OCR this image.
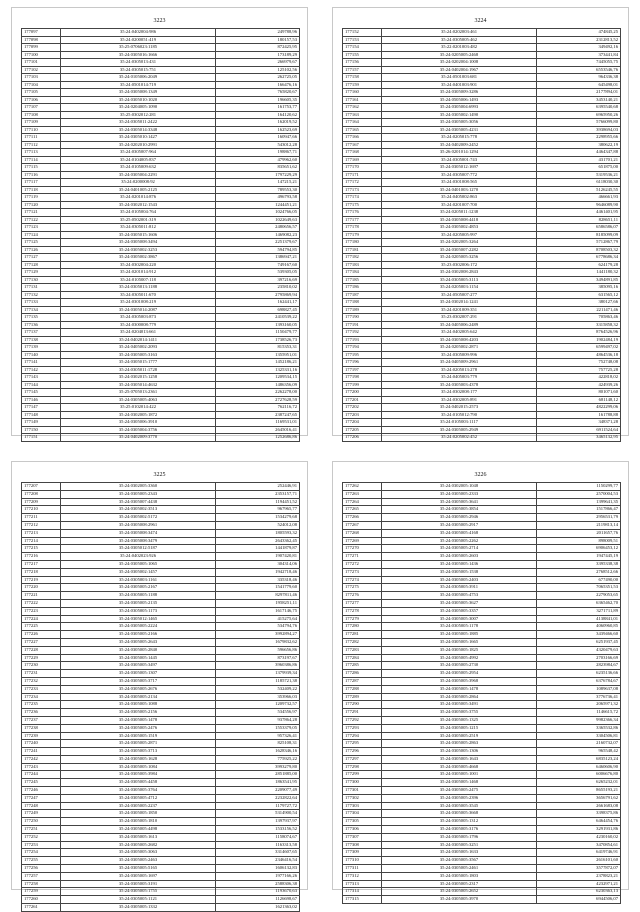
3223
177097	35:24:0402004:986	249788,96
177098	35:24:0200051:419	180157,53
177099	35:25:0706023:1185	872425,95
177100	35:24:0305016:1666	173189,29
177101	35:24:0305013:431	266979,67
177102	35:24:0305015:751	125102,56
177103	35:24:0105006:2049	262725,05
177104	35:24:0501014:719	166476,16
177105	35:24:0305008:1349	765820,67
177106	35:24:0305010:1020	196605,35
177107	35:24:0204005:1090	161753,77
177108	35:25:0302012:281	164120,62
177109	35:24:0305011:2422	162019,52
177110	35:24:0305014:3348	162523,69
177111	35:24:0305010:1427	160947,66
177112	35:24:0202010:2991	543012,28
177113	35:24:0305007:964	198867,71
177114	35:24:0104005:837	479962,60
177115	35:24:0105009:632	835651,62
177116	35:24:0305004:2291	1797229,29
177117	35:24:0200008:92	147215,21
177118	35:24:0401005:2125	789553,30
177119	35:24:0201014:876	496793,58
177120	35:24:0302012:1543	1244451,21
177121	35:24:0105004:764	1024766,05
177122	35:25:0502001:319	1022649,63
177123	35:24:0305011:812	2480656,57
177124	35:24:0305015:1606	1469082,23
177125	35:24:0305008:3494	2251379,67
177126	35:24:0305002:3253	594794,85
177127	35:24:0305002:3867	1386947,21
177128	35:24:0302004:220	749167,60
177129	35:24:0201014:912	539305,05
177130	35:24:0105007:118	397216,69
177131	35:24:0305013:1188	235810,02
177132	35:24:0305011:670	2795869,94
177133	35:24:0301008:219	162441,17
177134	35:24:0305014:2087	698827,45
177135	35:24:0305003:873	2410539,22
177136	35:24:0300008:779	1393160,05
177137	35:24:0204013:661	1150479,77
177138	35:24:0402014:1411	1738526,73
177139	35:24:0405002:2093	815353,31
177140	35:24:0305005:3163	1355951,01
177141	35:24:0305015:1777	1452186,21
177142	35:24:0305011:1728	1325331,16
177143	35:24:0302015:1258	1209534,15
177144	35:24:0305014:4632	1486356,09
177145	35:25:0705013:2361	2262278,00
177146	35:24:0305005:4063	2727628,59
177147	35:25:0102014:422	762116,72
177148	35:24:0302005:1872	2387247,65
177149	35:24:0305006:3910	1169531,01
177150	35:24:0305004:3756	2645016,41
177151	35:24:0402009:3770	1252686,86
3224
177152	35:24:0202003:461	474845,25
177153	35:24:0305005:462	2312813,52
177154	35:22:0201003:482	349492,16
177155	35:24:0205005:2468	373441,84
177156	35:24:0202004:1008	7445055,75
177157	35:24:0402004:1967	6553546,76
177158	35:24:0501003:681	964336,38
177159	35:24:0401003:901	645498,01
177160	35:24:0305009:3286	2177894,01
177161	35:24:0505006:1493	3453140,21
177162	35:24:0305004:6993	6395540,68
177163	35:24:0305002:1490	6965950,26
177164	35:24:0305005:3056	5766099,80
177165	35:24:0305005:4231	3938694,03
177166	35:24:0205015:778	2298955,66
177167	35:24:0402009:2452	380622,19
177168	35:26:0201014:1294	4464347,88
177169	35:24:0305001:743	431701,21
177170	35:24:0305012:1697	651875,00
177171	35:24:0305007:772	5319536,21
177172	35:24:0301008:565	6118030,30
177173	35:24:0401003:1270	5126245,55
177174	35:24:0405002:863	466661,93
177175	35:24:0201007:700	9646089,90
177176	35:24:0205011:1238	4461401,95
177177	35:24:0305008:4418	828651,11
177178	35:24:0305002:4853	6586586,07
177179	35:24:0205005:997	8185099,09
177180	35:24:0202005:3264	5712867,79
177181	35:24:0305007:2282	8708503,32
177182	35:24:0205005:3256	6778686,34
177183	35:23:0302006:172	624179,28
177184	35:24:0302008:2843	1441180,32
177185	35:24:0305005:3113	3494891,85
177186	35:24:0205003:1154	385095,16
177187	35:24:0505007:277	631565,12
177188	35:24:0302014:1241	380127,66
177189	35:24:0201009:351	2211471,46
177190	35:23:0302007:291	705863,46
177191	35:24:0405006:2489	3315858,32
177192	35:24:0402005:642	8764526,96
177193	35:24:0305008:4203	1902484,19
177194	35:24:0205002:2871	6599497,02
177195	35:24:0305009:996	4864536,18
177196	35:24:0405009:2961	752748,08
177197	35:24:0205013:278	757725,28
177198	35:24:0405003:779	422818,02
177199	35:24:0305003:4378	424939,26
177200	35:24:0302008:177	801071,60
177201	35:24:0302005:891	681148,12
177202	35:24:0402015:2573	4822299,06
177203	35:24:0105012:790	161788,88
177204	35:24:0105003:1117	348371,28
177205	35:24:0305005:2949	6911524,64
177206	35:24:0205002:452	3465132,95
3225
177207	35:24:0302005:3360	252446,91
177208	35:24:0305005:2343	2353157,71
177209	35:24:0305007:4438	1194451,52
177210	35:24:0305002:3513	967965,77
177211	35:24:0305002:5172	1534279,68
177212	35:24:0305008:2961	524012,08
177213	35:24:0305008:3474	1805593,32
177214	35:24:0305008:3479	2643362,45
177215	35:24:0305012:5187	1441879,87
177216	35:24:0402023:926	1907420,81
177217	35:24:0305005:1065	304314,06
177218	35:24:0305002:1457	1942718,46
177219	35:24:0305003:1161	335318,46
177220	35:24:0305005:2167	1541779,60
177221	35:24:0305005:1188	8297811,46
177222	35:24:0305005:2135	1958251,11
177223	35:24:0305005:1173	1617146,75
177224	35:24:0305012:1465	415275,64
177225	35:24:0305005:2224	534794,76
177226	35:24:0305005:2166	3992894,27
177227	35:24:0305005:2643	1679832,62
177228	35:24:0305005:2840	596656,86
177229	35:24:0305005:1445	873197,67
177230	35:24:0305005:3497	3960386,86
177231	35:24:0305005:1307	1379939,34
177232	35:24:0305005:3717	1185721,38
177233	35:24:0305005:2676	532409,22
177234	35:24:0305005:2134	353966,03
177235	35:24:0305005:1088	1209732,57
177236	35:24:0305005:2156	534556,97
177237	35:24:0305005:1478	937864,28
177238	35:24:0305005:2476	1553379,05
177239	35:24:0305005:1519	957326,41
177240	35:24:0305005:2871	825108,31
177241	35:24:0305005:3713	1628346,16
177242	35:24:0305005:1628	775925,22
177243	35:24:0305005:1084	3993279,80
177244	35:24:0305005:3984	2851885,00
177245	35:24:0305005:4458	1863541,95
177246	35:24:0305005:3764	2209077,49
177247	35:24:0305005:4712	2232822,64
177248	35:24:0305005:2237	1179727,72
177249	35:24:0305005:1850	5314900,54
177250	35:24:0305005:1810	1397937,97
177251	35:24:0305005:4498	1533156,52
177252	35:24:0305005:1613	1158074,67
177253	35:24:0305005:2682	1163313,58
177254	35:24:0305005:3063	3314607,65
177255	35:24:0305005:2463	2346416,54
177256	35:24:0305005:5165	1606132,83
177257	35:24:0305005:1697	1977166,26
177258	35:24:0305005:3191	2588306,38
177259	35:24:0305005:1755	1193670,63
177260	35:24:0305005:1121	1126698,67
177261	35:24:0305005:1332	1621363,02
3226
177262	35:24:0302005:1048	1150299,77
177263	35:24:0305005:2333	2570004,53
177264	35:24:0305005:3641	1399641,35
177265	35:24:0305005:3854	1517866,47
177266	35:24:0305005:2946	2956531,79
177267	35:24:0305005:2917	2119813,14
177268	35:24:0305005:4168	2011657,76
177269	35:24:0305005:2262	898009,51
177270	35:24:0305005:2714	6906453,12
177271	35:24:0305005:2603	1947445,19
177272	35:24:0305005:1436	3395338,38
177273	35:24:0305005:1538	2768512,66
177274	35:24:0305005:2403	677490,00
177275	35:24:0305005:3911	7065351,53
177276	35:24:0305005:4753	2279053,65
177277	35:24:0305005:3627	6365462,70
177278	35:24:0305005:3357	3271711,89
177279	35:24:0305005:3007	4138841,01
177280	35:24:0305005:1178	4060960,85
177281	35:24:0305005:1885	3439466,60
177282	35:24:0305005:1665	6251937,45
177283	35:24:0305005:1825	4320479,63
177284	35:24:0305005:4992	2703166,69
177285	35:24:0305005:2730	2823984,67
177286	35:24:0305005:2954	6235136,66
177287	35:24:0305005:3968	6376784,67
177288	35:24:0305005:1478	1089637,08
177289	35:24:0305005:2864	3776736,41
177290	35:24:0305005:3491	2065971,32
177291	35:24:0305005:3755	1146615,72
177292	35:24:0305005:1325	9982366,34
177293	35:24:0305005:1215	3365532,86
177294	35:24:0305005:2519	3304506,81
177295	35:24:0305005:2863	2160732,07
177296	35:24:0305005:1306	965548,42
177297	35:24:0305005:1643	6835123,24
177298	35:24:0305005:4668	6460606,90
177299	35:24:0305005:1001	6006676,80
177300	35:24:0305005:1468	6265232,01
177301	35:24:0305005:2475	8655193,21
177302	35:24:0305005:2396	3656791,62
177303	35:24:0305005:3545	2661683,08
177304	35:24:0305005:3668	3398375,86
177305	35:24:0305005:1312	6464454,76
177306	35:24:0305005:3176	3291931,86
177307	35:24:0305005:1796	4230160,02
177308	35:24:0305005:3251	3470854,61
177309	35:24:0305005:1633	6419746,91
177310	35:24:0305005:3567	2616101,60
177311	35:24:0305005:2461	3577872,07
177312	35:24:0305005:1803	2378823,21
177313	35:24:0305005:2317	4232971,21
177314	35:24:0305005:2652	6230363,13
177315	35:24:0305005:3970	6944506,07
